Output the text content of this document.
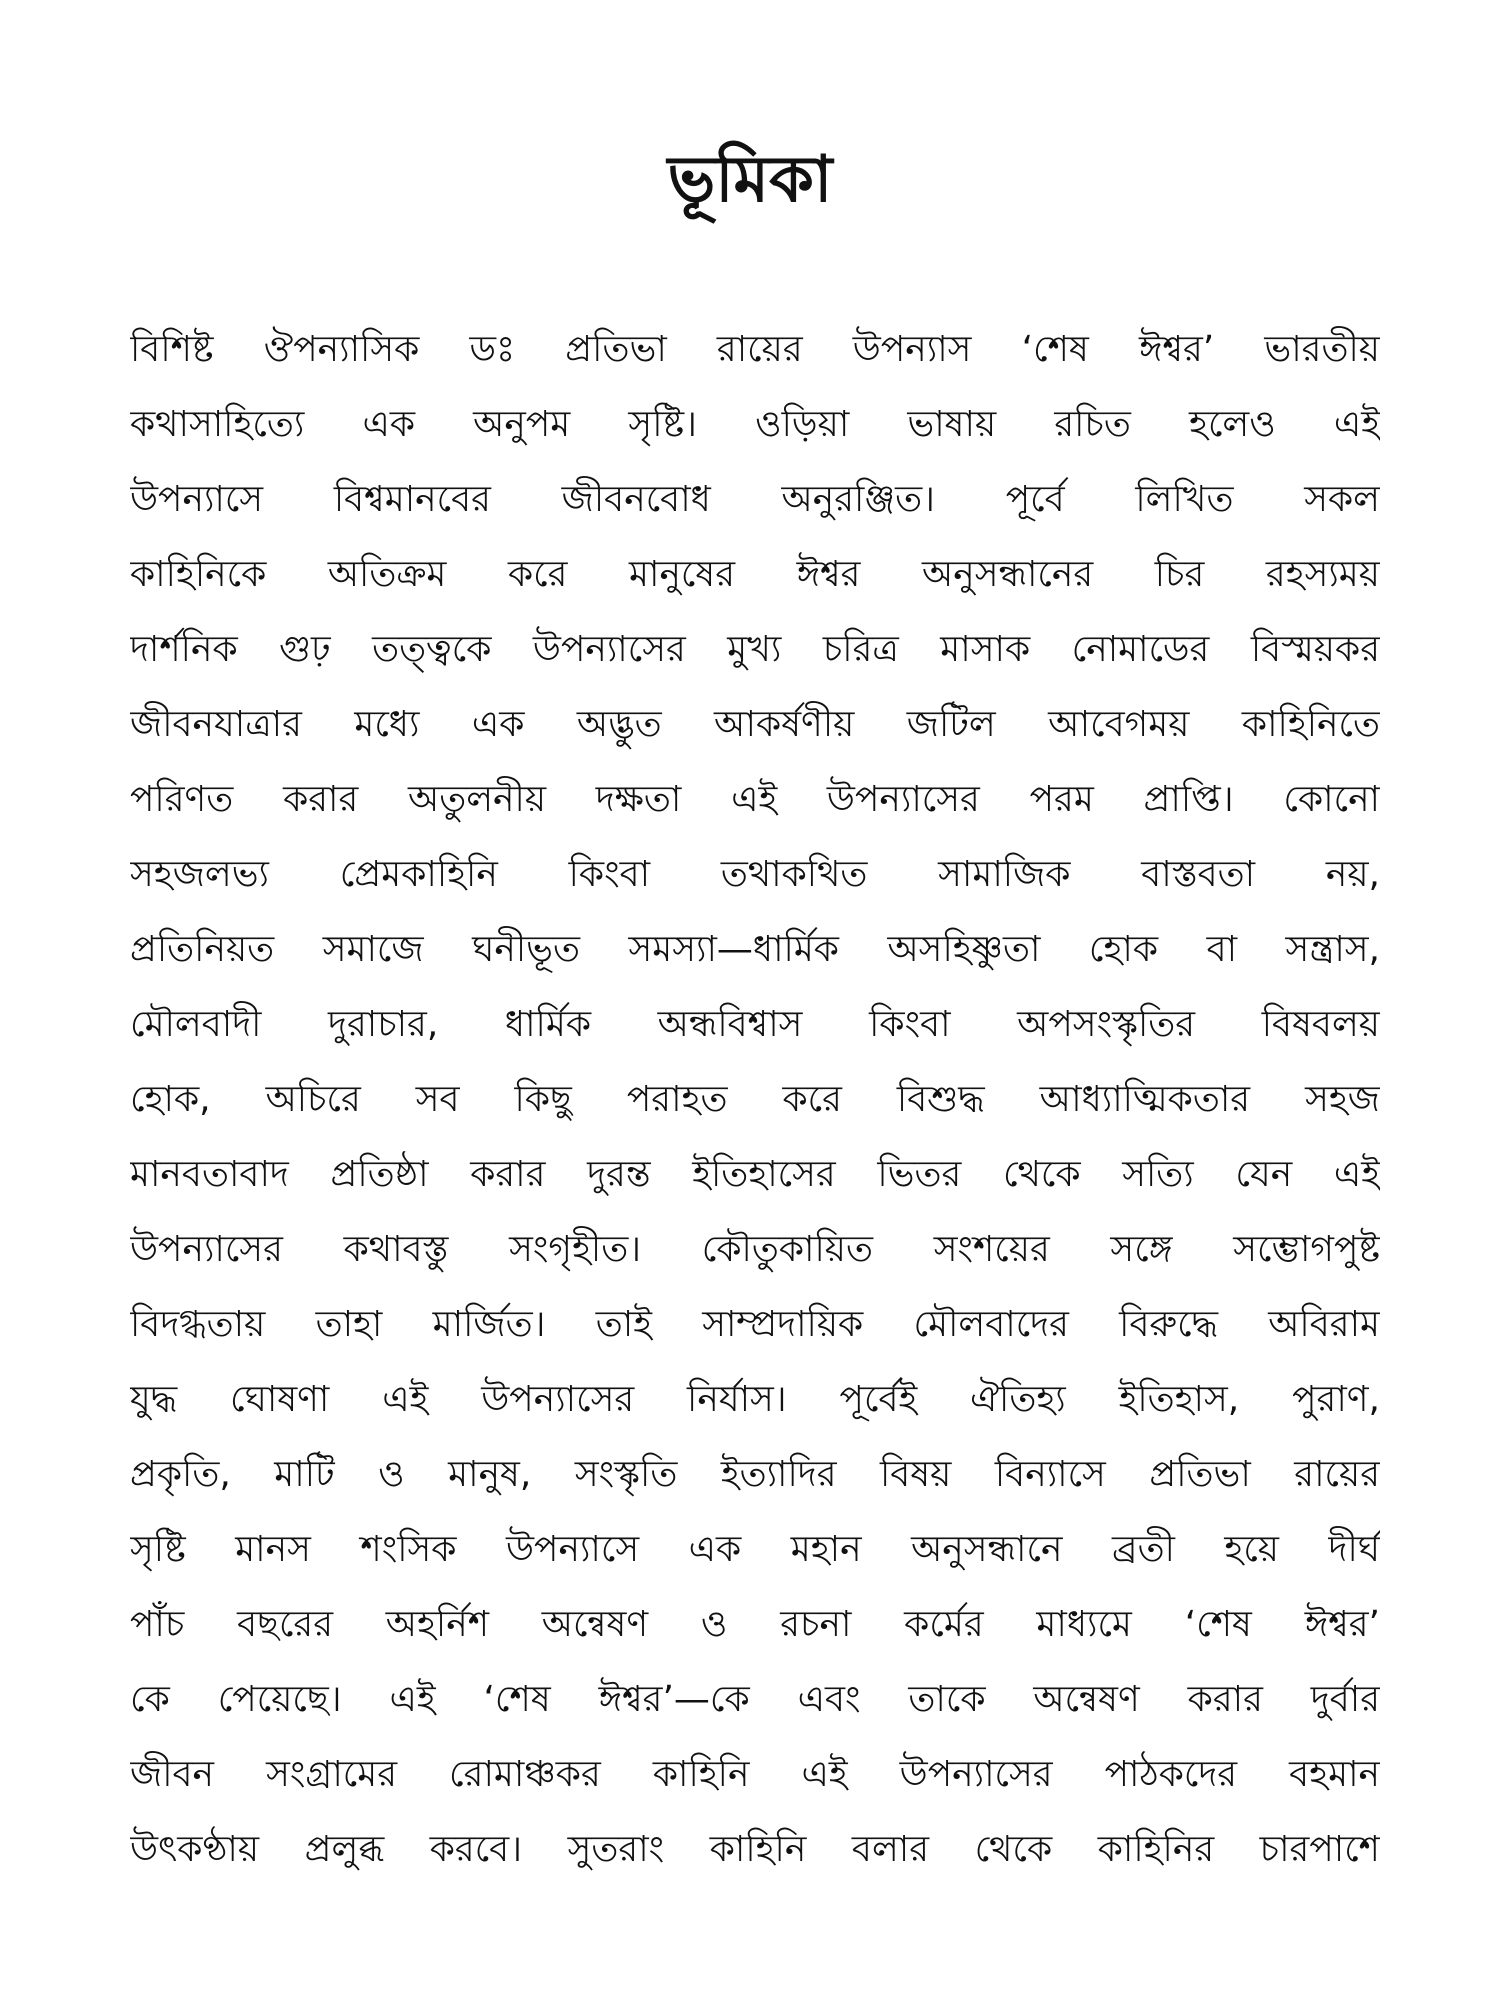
ভূমিকা
বিশিষ্ট ঔপন্যাসিক ডঃ প্রতিভা রায়ের উপন্যাস ‘শেষ ঈশ্বর’ ভারতীয়
কথাসাহিত্যে এক অনুপম সৃষ্টি। ওড়িয়া ভাষায় রচিত হলেও এই
উপন্যাসে বিশ্বমানবের জীবনবোধ অনুরঞ্জিত। পূর্বে লিখিত সকল
কাহিনিকে অতিক্রম করে মানুষের ঈশ্বর অনুসন্ধানের চির রহস্যময়
দার্শনিক গুঢ় তত্ত্বকে উপন্যাসের মুখ্য চরিত্র মাসাক নোমাডের বিস্ময়কর
জীবনযাত্রার মধ্যে এক অদ্ভুত আকর্ষণীয় জটিল আবেগময় কাহিনিতে
পরিণত করার অতুলনীয় দক্ষতা এই উপন্যাসের পরম প্রাপ্তি। কোনো
সহজলভ্য প্রেমকাহিনি কিংবা তথাকথিত সামাজিক বাস্তবতা নয়,
প্রতিনিয়ত সমাজে ঘনীভূত সমস্যা—ধার্মিক অসহিষ্ণুতা হোক বা সন্ত্রাস,
মৌলবাদী দুরাচার, ধার্মিক অন্ধবিশ্বাস কিংবা অপসংস্কৃতির বিষবলয়
হোক, অচিরে সব কিছু পরাহত করে বিশুদ্ধ আধ্যাত্মিকতার সহজ
মানবতাবাদ প্রতিষ্ঠা করার দুরন্ত ইতিহাসের ভিতর থেকে সত্যি যেন এই
উপন্যাসের কথাবস্তু সংগৃহীত। কৌতুকায়িত সংশয়ের সঙ্গে সম্ভোগপুষ্ট
বিদগ্ধতায় তাহা মার্জিত। তাই সাম্প্রদায়িক মৌলবাদের বিরুদ্ধে অবিরাম
যুদ্ধ ঘোষণা এই উপন্যাসের নির্যাস। পূর্বেই ঐতিহ্য ইতিহাস, পুরাণ,
প্রকৃতি, মাটি ও মানুষ, সংস্কৃতি ইত্যাদির বিষয় বিন্যাসে প্রতিভা রায়ের
সৃষ্টি মানস শংসিক উপন্যাসে এক মহান অনুসন্ধানে ব্রতী হয়ে দীর্ঘ
পাঁচ বছরের অহর্নিশ অন্বেষণ ও রচনা কর্মের মাধ্যমে ‘শেষ ঈশ্বর’
কে পেয়েছে। এই ‘শেষ ঈশ্বর’—কে এবং তাকে অন্বেষণ করার দুর্বার
জীবন সংগ্রামের রোমাঞ্চকর কাহিনি এই উপন্যাসের পাঠকদের বহমান
উৎকণ্ঠায় প্রলুব্ধ করবে। সুতরাং কাহিনি বলার থেকে কাহিনির চারপাশে
